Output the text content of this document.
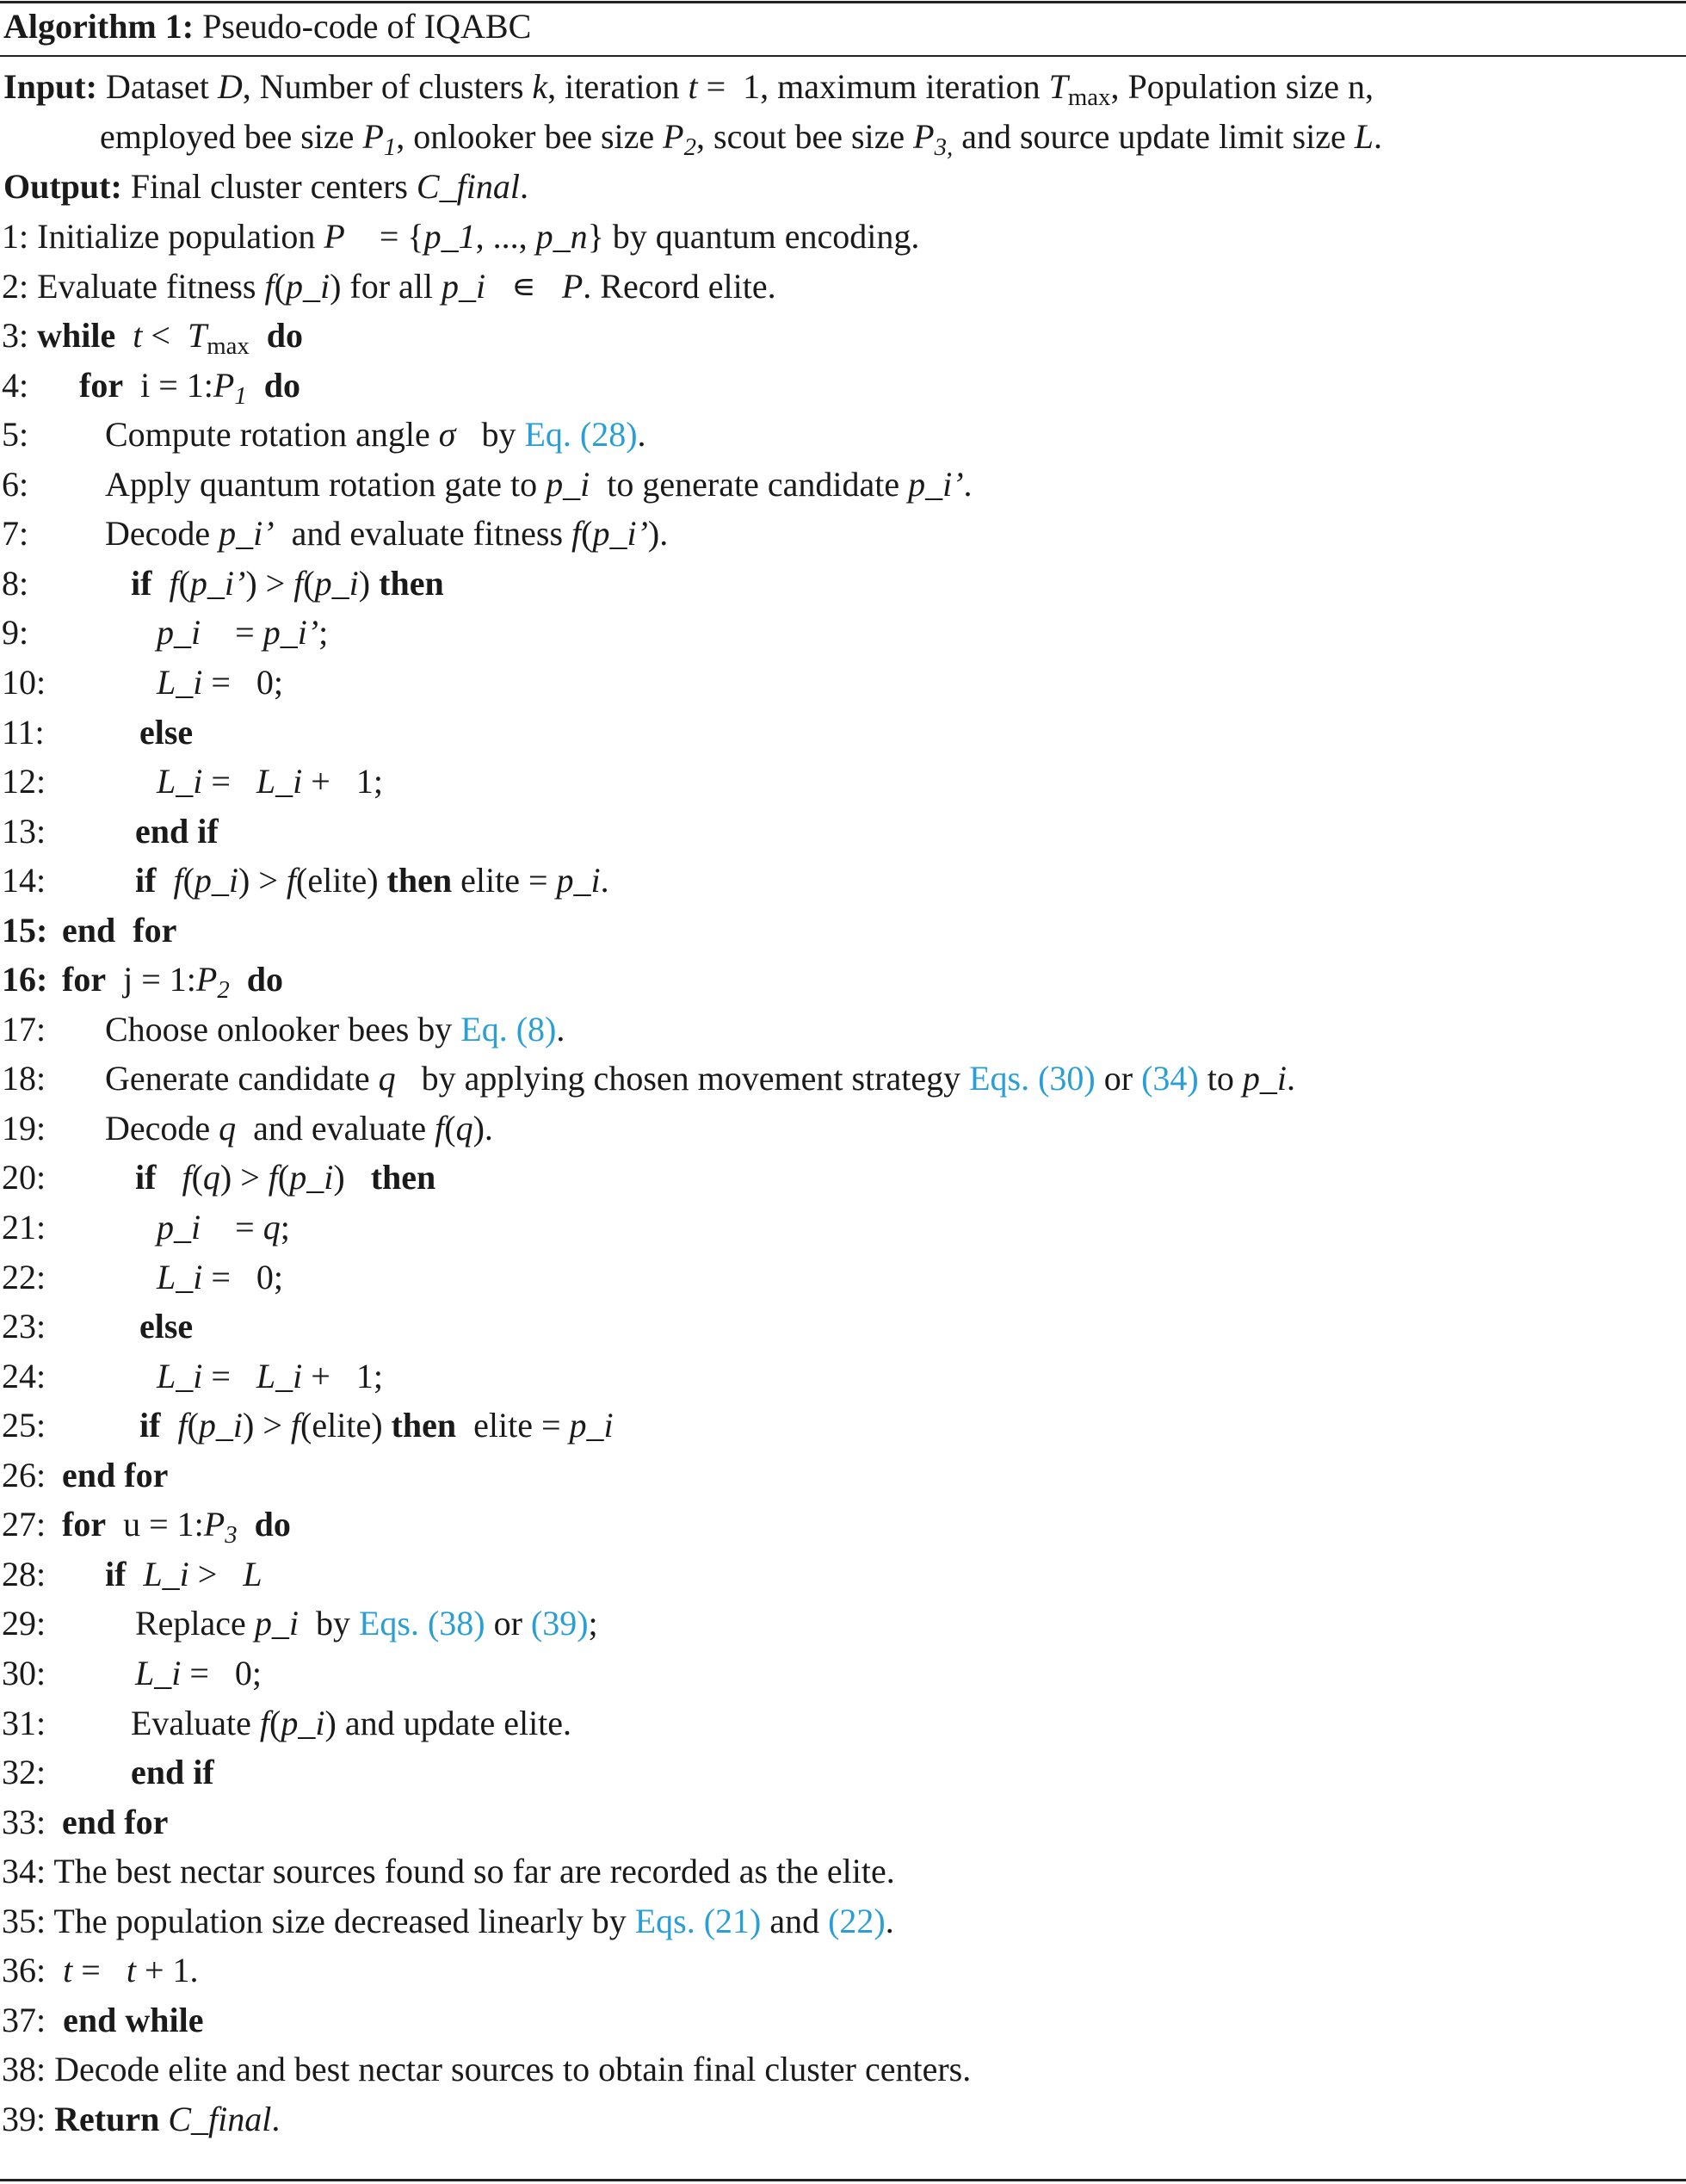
Algorithm 1: Pseudo-code of IQABC
Input: Dataset D, Number of clusters k, iteration t =  1, maximum iteration $T_{max}$, Population size n,
employed bee size $P_1$, onlooker bee size $P_2$, scout bee size $P_{3,}$ and source update limit size L.
Output: Final cluster centers C_final.
1: Initialize population P    = {p_1, ..., p_n} by quantum encoding.
2: Evaluate fitness f(p_i) for all p_i   ∊   P. Record elite.
3: while $t < T_{max}$ do
4: for  $i = 1:P_1$ do
5: Compute rotation angle σ   by Eq. (28).
6: Apply quantum rotation gate to p_i  to generate candidate p_i’.
7: Decode p_i’  and evaluate fitness f(p_i’).
8:	if f(p_i’) > f(p_i) then
9:	p_i    = p_i’;
10:	L_i =   0;
11:	else
12:	L_i =   L_i +   1;
13:	end if
14:	if f(p_i) > f(elite) then elite = p_i.
15: end  for
16: for  $j = 1:P_2$ do
17: Choose onlooker bees by Eq. (8).
18: Generate candidate q   by applying chosen movement strategy Eqs. (30) or (34) to p_i.
19: Decode q  and evaluate f(q).
20:	if f(q) > f(p_i)   then
21:	p_i    = q;
22:	L_i =   0;
23:	else
24:	L_i =   L_i +   1;
25:	if f(p_i) > f(elite) then  elite = p_i
26: end for
27: for  $u = 1:P_3$ do
28: if L_i >   L
29:	Replace p_i  by Eqs. (38) or (39);
30:	L_i =   0;
31: Evaluate f(p_i) and update elite.
32: end if
33: end for
34: The best nectar sources found so far are recorded as the elite.
35: The population size decreased linearly by Eqs. (21) and (22).
36: t =   t + 1.
37: end while
38: Decode elite and best nectar sources to obtain final cluster centers.
39: Return C_final.
